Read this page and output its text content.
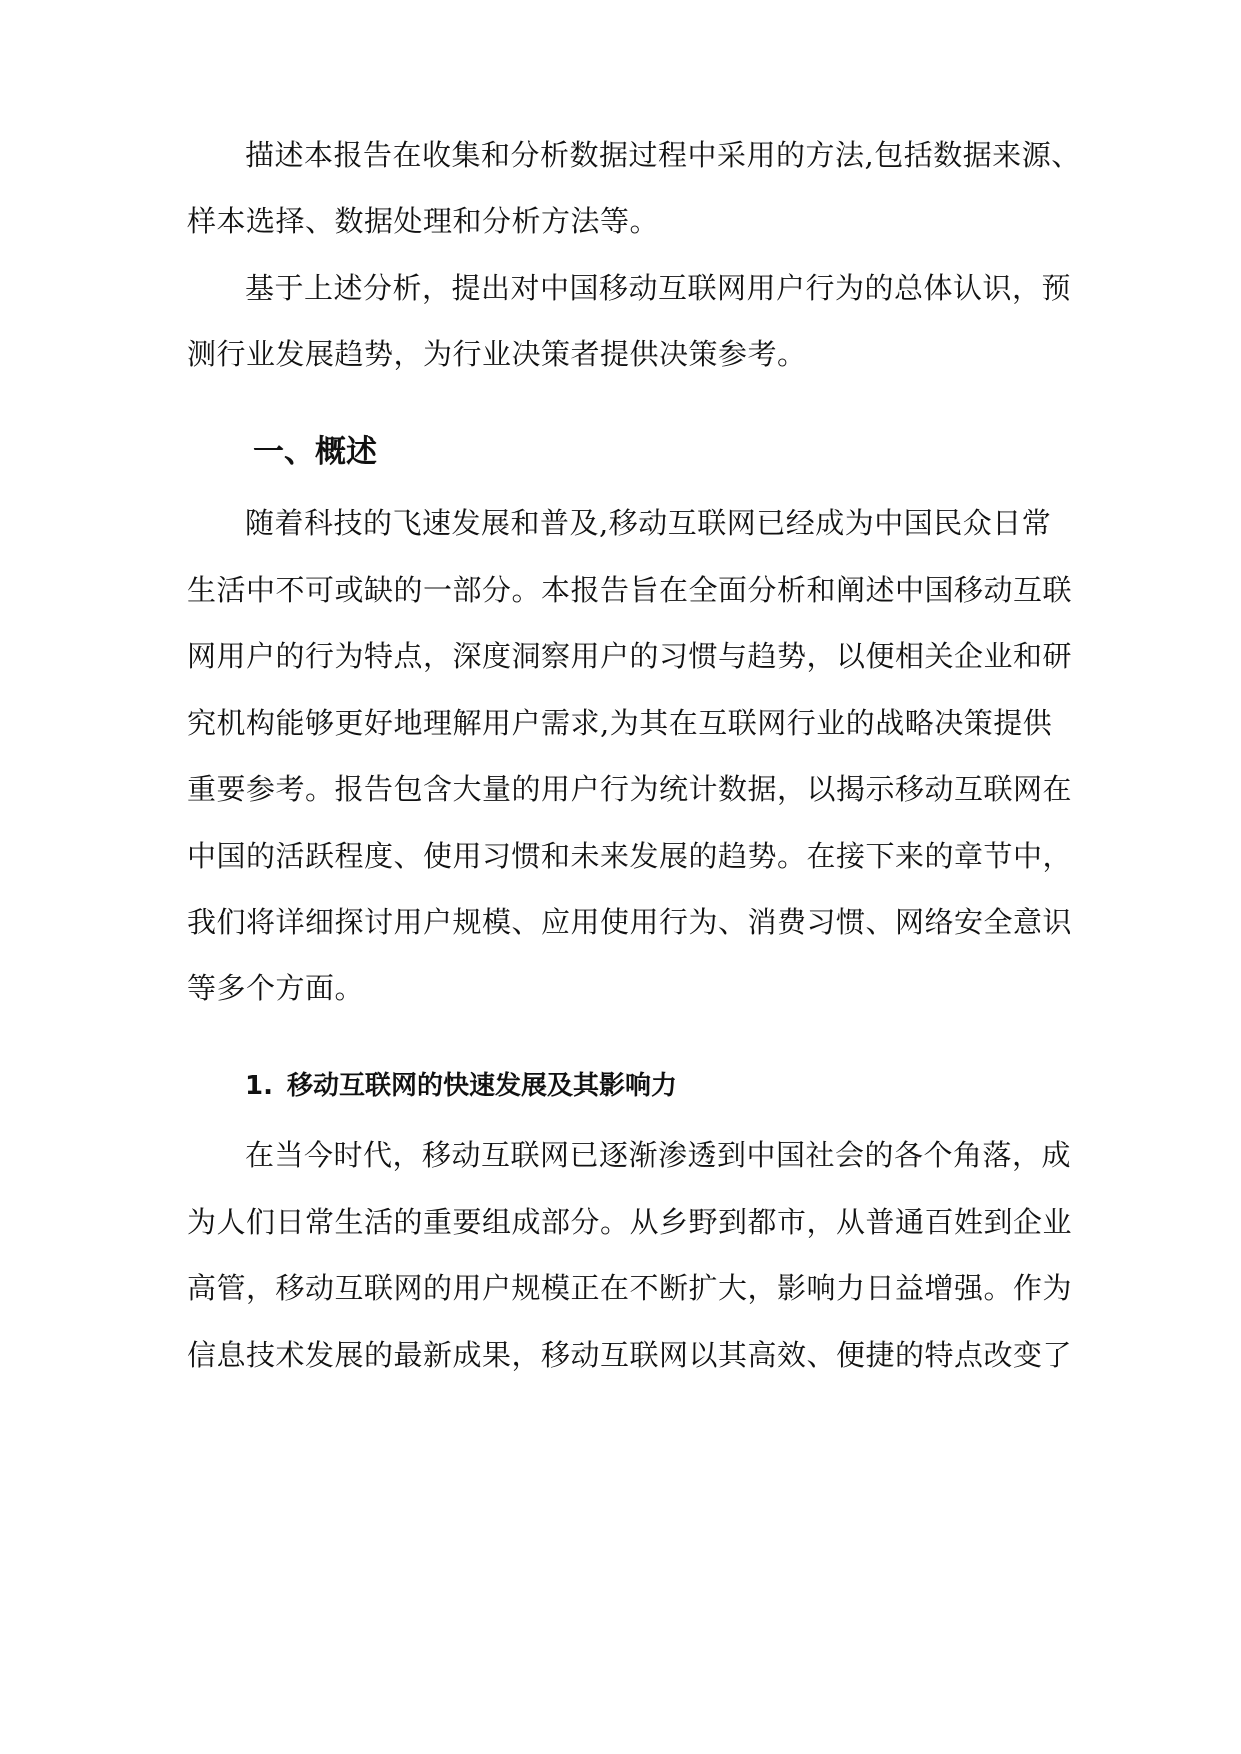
描述本报告在收集和分析数据过程中采用的方法,包括数据来源、
样本选择、数据处理和分析方法等。
基于上述分析，提出对中国移动互联网用户行为的总体认识，预
测行业发展趋势，为行业决策者提供决策参考。
一、概述
随着科技的飞速发展和普及,移动互联网已经成为中国民众日常
生活中不可或缺的一部分。本报告旨在全面分析和阐述中国移动互联
网用户的行为特点，深度洞察用户的习惯与趋势，以便相关企业和研
究机构能够更好地理解用户需求,为其在互联网行业的战略决策提供
重要参考。报告包含大量的用户行为统计数据，以揭示移动互联网在
中国的活跃程度、使用习惯和未来发展的趋势。在接下来的章节中，
我们将详细探讨用户规模、应用使用行为、消费习惯、网络安全意识
等多个方面。
1. 移动互联网的快速发展及其影响力
在当今时代，移动互联网已逐渐渗透到中国社会的各个角落，成
为人们日常生活的重要组成部分。从乡野到都市，从普通百姓到企业
高管，移动互联网的用户规模正在不断扩大，影响力日益增强。作为
信息技术发展的最新成果，移动互联网以其高效、便捷的特点改变了
